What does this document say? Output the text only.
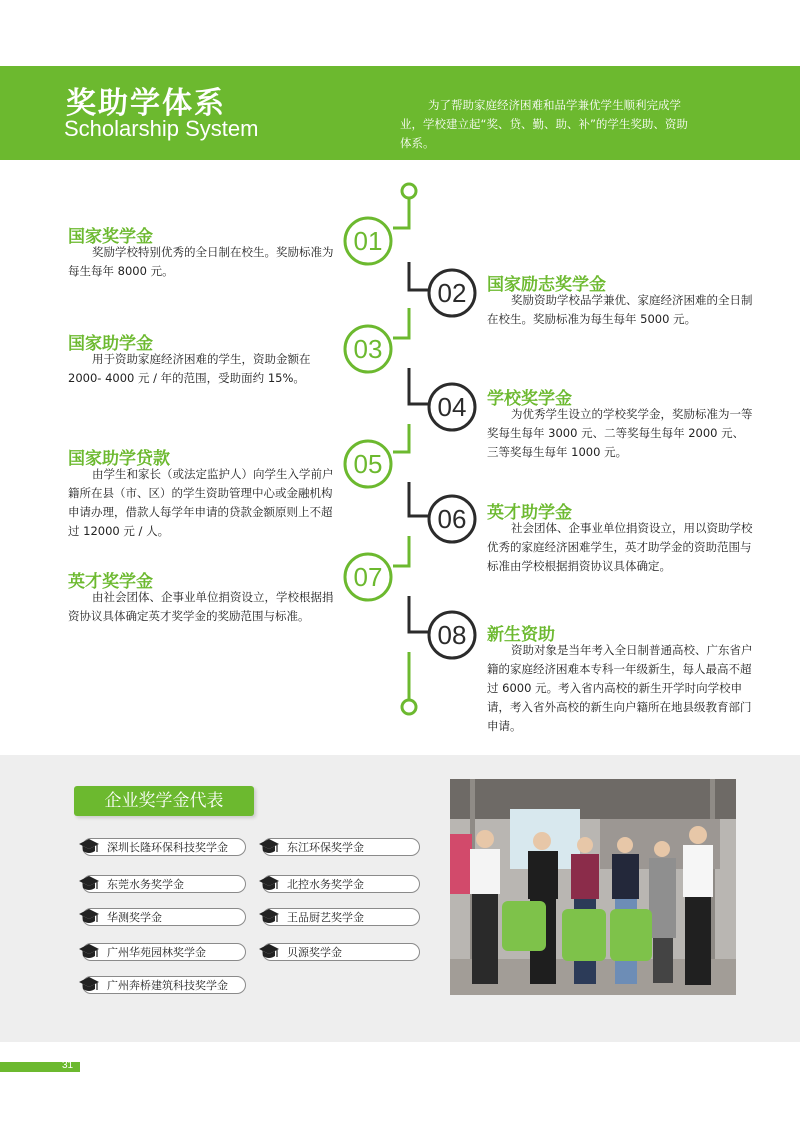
奖助学体系
Scholarship System
为了帮助家庭经济困难和品学兼优学生顺利完成学业，学校建立起“奖、贷、勤、助、补”的学生奖助、资助体系。
01
02
03
04
05
06
07
08
国家奖学金
奖励学校特别优秀的全日制在校生。奖励标准为每生每年 8000 元。
国家助学金
用于资助家庭经济困难的学生，资助金额在 2000- 4000 元 / 年的范围，受助面约 15%。
国家助学贷款
由学生和家长（或法定监护人）向学生入学前户籍所在县（市、区）的学生资助管理中心或金融机构申请办理，借款人每学年申请的贷款金额原则上不超过 12000 元 / 人。
英才奖学金
由社会团体、企事业单位捐资设立，学校根据捐资协议具体确定英才奖学金的奖励范围与标准。
国家励志奖学金
奖励资助学校品学兼优、家庭经济困难的全日制在校生。奖励标准为每生每年 5000 元。
学校奖学金
为优秀学生设立的学校奖学金，奖励标准为一等奖每生每年 3000 元、二等奖每生每年 2000 元、三等奖每生每年 1000 元。
英才助学金
社会团体、企事业单位捐资设立，用以资助学校优秀的家庭经济困难学生，英才助学金的资助范围与标准由学校根据捐资协议具体确定。
新生资助
资助对象是当年考入全日制普通高校、广东省户籍的家庭经济困难本专科一年级新生，每人最高不超过 6000 元。考入省内高校的新生开学时向学校申请，考入省外高校的新生向户籍所在地县级教育部门申请。
企业奖学金代表
深圳长隆环保科技奖学金	东江环保奖学金
东莞水务奖学金	北控水务奖学金
华测奖学金	王品厨艺奖学金
广州华苑园林奖学金	贝源奖学金
广州奔桥建筑科技奖学金
31
